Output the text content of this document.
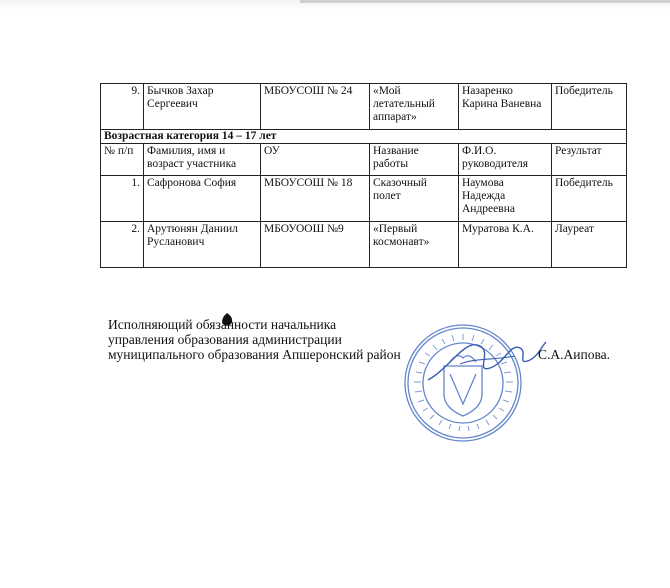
9.	Бычков Захар Сергеевич	МБОУСОШ № 24	«Мой летательный аппарат»	Назаренко Карина Ваневна	Победитель
Возрастная категория 14 – 17 лет					
№ п/п	Фамилия, имя и возраст участника	ОУ	Название работы	Ф.И.О. руководителя	Результат
1.	Сафронова София	МБОУСОШ № 18	Сказочный полет	Наумова Надежда Андреевна	Победитель
2.	Арутюнян Даниил Русланович	МБОУООШ №9	«Первый космонавт»	Муратова К.А.	Лауреат
Исполняющий обязанности начальника
управления образования администрации
муниципального образования Апшеронский район	С.А.Аипова.
